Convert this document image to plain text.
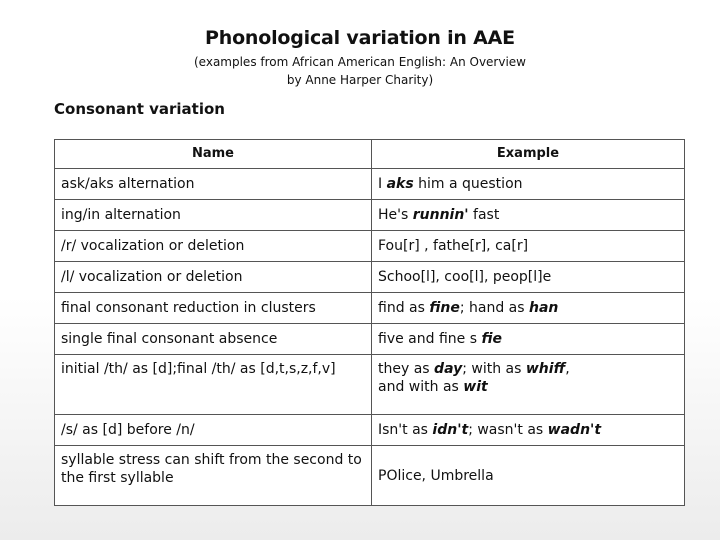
Phonological variation in AAE
(examples from African American English: An Overview
by Anne Harper Charity)
Consonant variation
Name	Example
ask/aks alternation	I aks him a question
ing/in alternation	He's runnin' fast
/r/ vocalization or deletion	Fou[r] , fathe[r], ca[r]
/l/ vocalization or deletion	Schoo[l], coo[l], peop[l]e
final consonant reduction in clusters	find as fine; hand as han
single final consonant absence	five and fine s fie
initial /th/ as [d];final /th/ as [d,t,s,z,f,v]	they as day; with as whiff,
and with as wit
/s/ as [d] before /n/	Isn't as idn't; wasn't as wadn't
syllable stress can shift from the second to the first syllable	POlice, Umbrella
